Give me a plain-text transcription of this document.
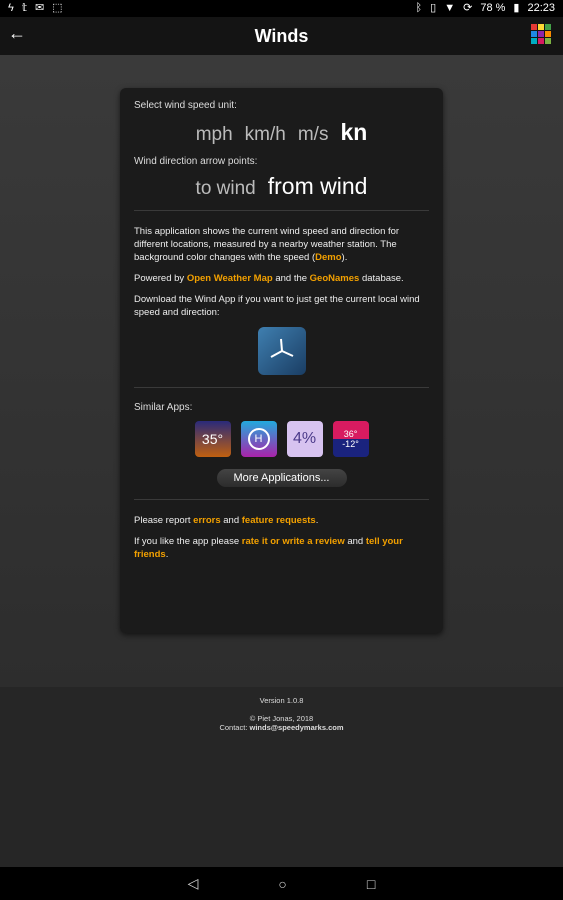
ϟ 𝕥 ✉ ⬚	ᛒ ▯ ▼ ⟳ 78 % ▮ 22:23
←	Winds
Select wind speed unit:
mph km/h m/s kn
Wind direction arrow points:
to wind from wind

This application shows the current wind speed and direction for different locations, measured by a nearby weather station. The background color changes with the speed (Demo).

Powered by Open Weather Map and the GeoNames database.

Download the Wind App if you want to just get the current local wind speed and direction:

Similar Apps:
35°	H	4%	36°
-12°
More Applications...

Please report errors and feature requests.

If you like the app please rate it or write a review and tell your friends.

Version 1.0.8
© Piet Jonas, 2018
Contact: winds@speedymarks.com
◁	○	□
